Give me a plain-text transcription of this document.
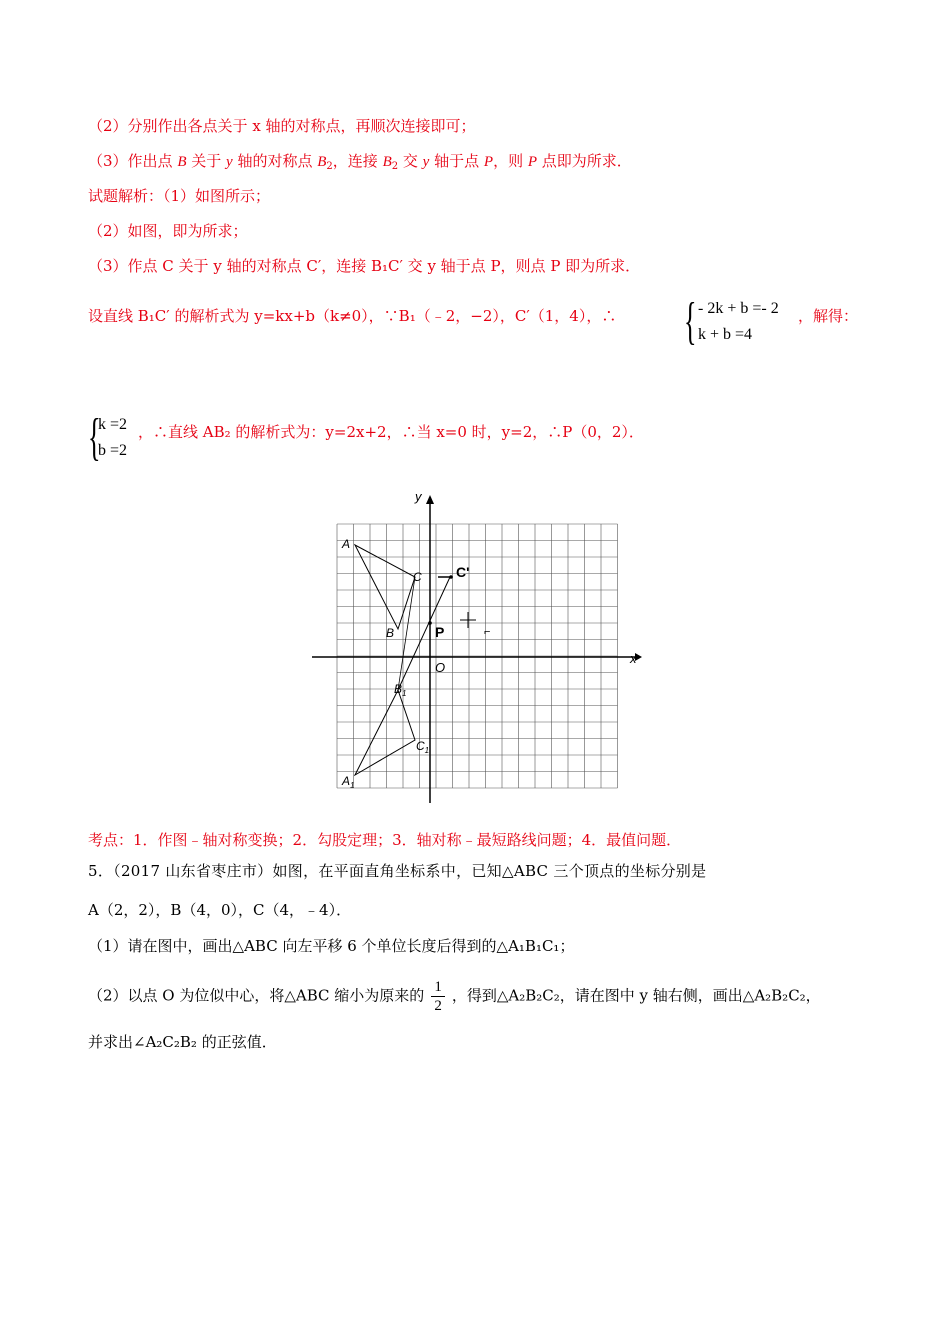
（2）分别作出各点关于 x 轴的对称点，再顺次连接即可；
（3）作出点 B 关于 y 轴的对称点 $B_2$，连接 $B_2$ 交 y 轴于点 P，则 P 点即为所求．
试题解析：（1）如图所示；
（2）如图，即为所求；
（3）作点 C 关于 y 轴的对称点 C′，连接 B₁C′ 交 y 轴于点 P，则点 P 即为所求．
设直线 B₁C′ 的解析式为 y=kx+b（k≠0），∵B₁（﹣2，−2），C′（1，4），∴ { - 2k + b =- 2
k + b =4
，解得：
{
k =2
b =2
，∴直线 AB₂ 的解析式为：y=2x+2，∴当 x=0 时，y=2，∴P（0，2）．
y
x
O
⌐
A
C
B
C'
P
$B_1$
$C_1$
$A_1$
考点：1．作图﹣轴对称变换；2．勾股定理；3．轴对称﹣最短路线问题；4．最值问题．
5．（2017 山东省枣庄市）如图，在平面直角坐标系中，已知△ABC 三个顶点的坐标分别是
A（2，2），B（4，0），C（4，﹣4）．
（1）请在图中，画出△ABC 向左平移 6 个单位长度后得到的△A₁B₁C₁；
（2）以点 O 为位似中心，将△ABC 缩小为原来的 $\frac{1}{2}$ ，得到△A₂B₂C₂，请在图中 y 轴右侧，画出△A₂B₂C₂，
并求出∠A₂C₂B₂ 的正弦值．
